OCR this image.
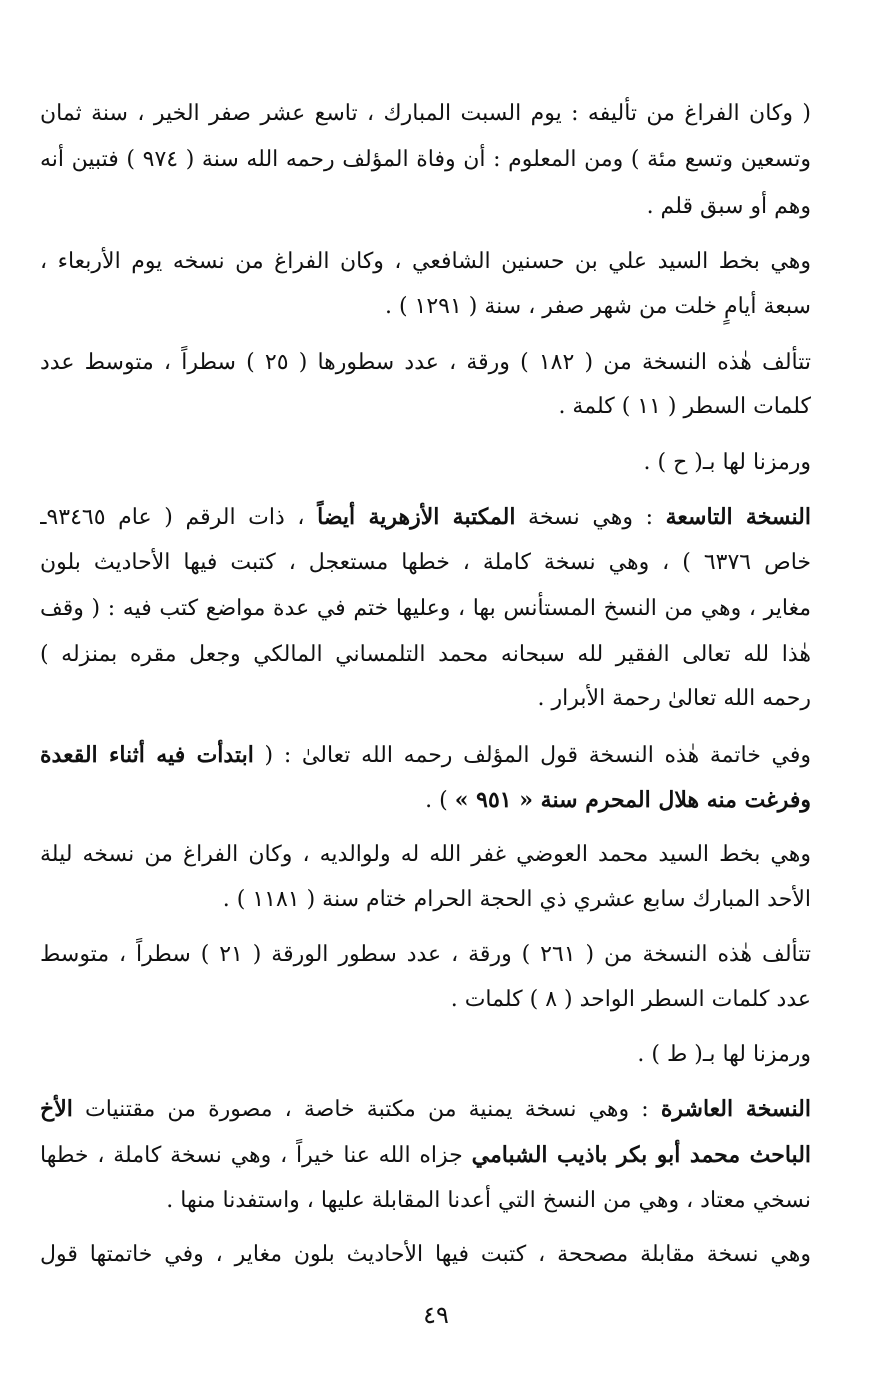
( وكان الفراغ من تأليفه : يوم السبت المبارك ، تاسع عشر صفر الخير ، سنة ثمان
وتسعين وتسع مئة ) ومن المعلوم : أن وفاة المؤلف رحمه الله سنة ( ٩٧٤ ) فتبين أنه
وهم أو سبق قلم .
وهي بخط السيد علي بن حسنين الشافعي ، وكان الفراغ من نسخه يوم الأربعاء ،
سبعة أيامٍ خلت من شهر صفر ، سنة ( ١٢٩١ ) .
تتألف هٰذه النسخة من ( ١٨٢ ) ورقة ، عدد سطورها ( ٢٥ ) سطراً ، متوسط عدد
كلمات السطر ( ١١ ) كلمة .
ورمزنا لها بـ( ح ) .
النسخة التاسعة : وهي نسخة المكتبة الأزهرية أيضاً ، ذات الرقم ( عام ٩٣٤٦٥ـ
خاص ٦٣٧٦ ) ، وهي نسخة كاملة ، خطها مستعجل ، كتبت فيها الأحاديث بلون
مغاير ، وهي من النسخ المستأنس بها ، وعليها ختم في عدة مواضع كتب فيه : ( وقف
هٰذا لله تعالى الفقير لله سبحانه محمد التلمساني المالكي وجعل مقره بمنزله )
رحمه الله تعالىٰ رحمة الأبرار .
وفي خاتمة هٰذه النسخة قول المؤلف رحمه الله تعالىٰ : ( ابتدأت فيه أثناء القعدة
وفرغت منه هلال المحرم سنة « ٩٥١ » ) .
وهي بخط السيد محمد العوضي غفر الله له ولوالديه ، وكان الفراغ من نسخه ليلة
الأحد المبارك سابع عشري ذي الحجة الحرام ختام سنة ( ١١٨١ ) .
تتألف هٰذه النسخة من ( ٢٦١ ) ورقة ، عدد سطور الورقة ( ٢١ ) سطراً ، متوسط
عدد كلمات السطر الواحد ( ٨ ) كلمات .
ورمزنا لها بـ( ط ) .
النسخة العاشرة : وهي نسخة يمنية من مكتبة خاصة ، مصورة من مقتنيات الأخ
الباحث محمد أبو بكر باذيب الشبامي جزاه الله عنا خيراً ، وهي نسخة كاملة ، خطها
نسخي معتاد ، وهي من النسخ التي أعدنا المقابلة عليها ، واستفدنا منها .
وهي نسخة مقابلة مصححة ، كتبت فيها الأحاديث بلون مغاير ، وفي خاتمتها قول
٤٩
